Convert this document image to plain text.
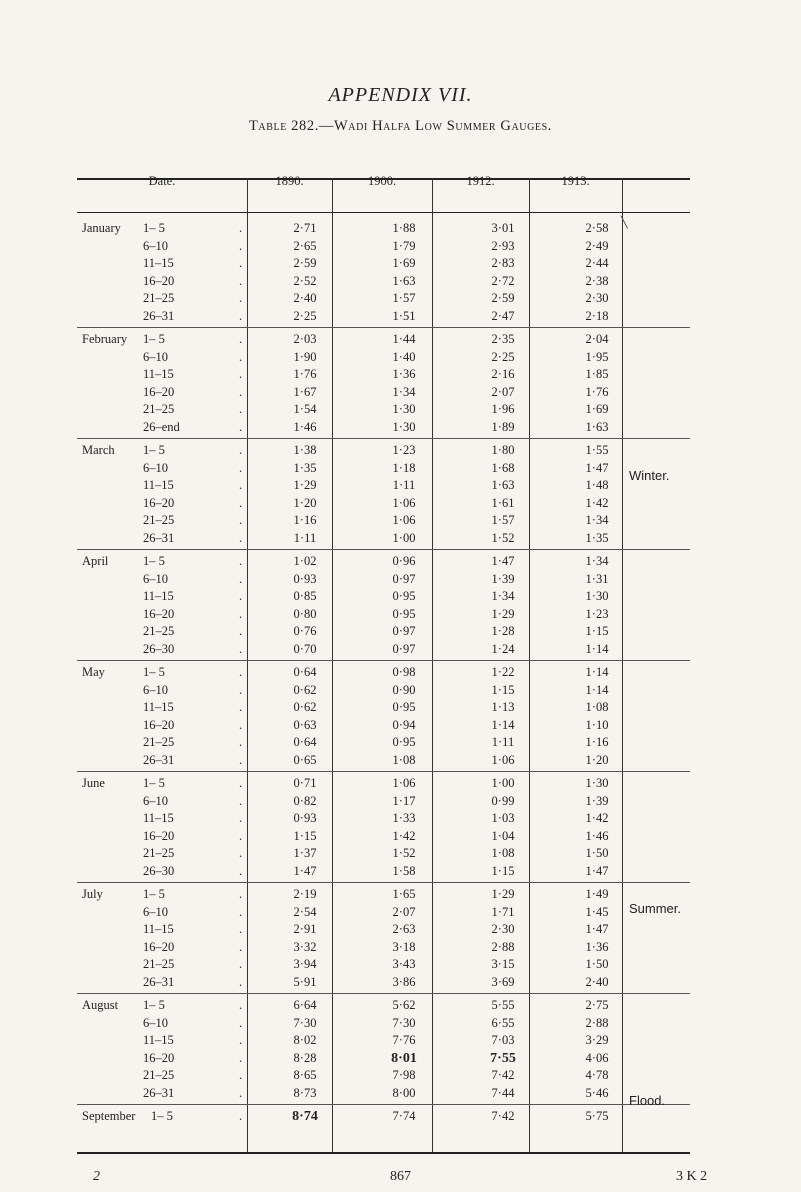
APPENDIX VII.
Table 282.—Wadi Halfa Low Summer Gauges.
Date.	1890.	1900.	1912.	1913.
January 1– 5	.	2·71	1·88	3·01	2·58
6–10	.	2·65	1·79	2·93	2·49
11–15	.	2·59	1·69	2·83	2·44
16–20	.	2·52	1·63	2·72	2·38
21–25	.	2·40	1·57	2·59	2·30
26–31	.	2·25	1·51	2·47	2·18
February 1– 5	.	2·03	1·44	2·35	2·04
6–10	.	1·90	1·40	2·25	1·95
11–15	.	1·76	1·36	2·16	1·85
16–20	.	1·67	1·34	2·07	1·76
21–25	.	1·54	1·30	1·96	1·69
26–end	.	1·46	1·30	1·89	1·63
March 1– 5	.	1·38	1·23	1·80	1·55
6–10	.	1·35	1·18	1·68	1·47
11–15	.	1·29	1·11	1·63	1·48
16–20	.	1·20	1·06	1·61	1·42
21–25	.	1·16	1·06	1·57	1·34
26–31	.	1·11	1·00	1·52	1·35
April	1– 5	.	1·02	0·96	1·47	1·34
6–10	.	0·93	0·97	1·39	1·31
11–15	.	0·85	0·95	1·34	1·30
16–20	.	0·80	0·95	1·29	1·23
21–25	.	0·76	0·97	1·28	1·15
26–30	.	0·70	0·97	1·24	1·14
May	1– 5	.	0·64	0·98	1·22	1·14
6–10	.	0·62	0·90	1·15	1·14
11–15	.	0·62	0·95	1·13	1·08
16–20	.	0·63	0·94	1·14	1·10
21–25	.	0·64	0·95	1·11	1·16
26–31	.	0·65	1·08	1·06	1·20
June	1– 5	.	0·71	1·06	1·00	1·30
6–10	.	0·82	1·17	0·99	1·39
11–15	.	0·93	1·33	1·03	1·42
16–20	.	1·15	1·42	1·04	1·46
21–25	.	1·37	1·52	1·08	1·50
26–30	.	1·47	1·58	1·15	1·47
July	1– 5	.	2·19	1·65	1·29	1·49
6–10	.	2·54	2·07	1·71	1·45
11–15	.	2·91	2·63	2·30	1·47
16–20	.	3·32	3·18	2·88	1·36
21–25	.	3·94	3·43	3·15	1·50
26–31	.	5·91	3·86	3·69	2·40
August 1– 5	.	6·64	5·62	5·55	2·75
6–10	.	7·30	7·30	6·55	2·88
11–15	.	8·02	7·76	7·03	3·29
16–20	.	8·28	8·01	7·55	4·06
21–25	.	8·65	7·98	7·42	4·78
26–31	.	8·73	8·00	7·44	5·46
September 1– 5	.	8·74	7·74	7·42	5·75
╲
Winter.
Summer.
Flood.
2	867	3 K 2
